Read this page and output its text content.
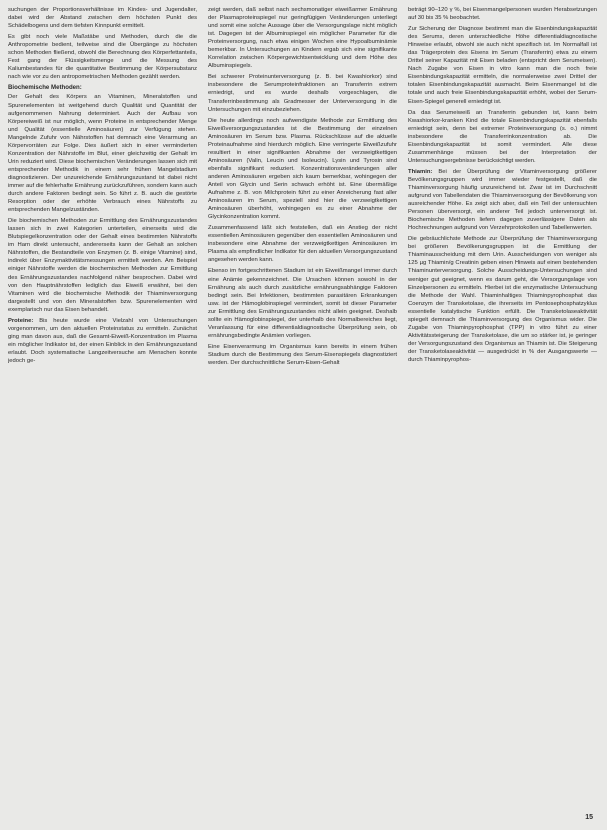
suchungen der Proportionsverhältnisse im Kindes- und Jugendalter, dabei wird der Abstand zwischen dem höchsten Punkt des Schädelbogens und dem tiefsten Kinnpunkt ermittelt.

Es gibt noch viele Maßstäbe und Methoden, durch die die Anthropometrie bedient, teilweise sind die Übergänge zu höchsten schon Methoden fließend, obwohl die Berechnung des Körperfettanteils, Fest gang der Flüssigkeitsmenge und die Messung des Kaliumbestandes für die quantitative Bestimmung der Körpersubstanz nach wie vor zu den antropometrischen Methoden gezählt werden.

Biochemische Methoden:

Der Gehalt des Körpers an Vitaminen, Mineralstoffen und Spurenelementen ist weitgehend durch Qualität und Quantität der aufgenommenen Nahrung determiniert. Auch der Aufbau von Körpereiweiß ist nur möglich, wenn Proteine in entsprechender Menge und Qualität (essentielle Aminosäuren) zur Verfügung stehen. Mangelnde Zufuhr von Nährstoffen hat demnach eine Verarmung an Körpervorräten zur Folge. Dies äußert sich in einer verminderten Konzentration der Nährstoffe im Blut, einer gleichzeitig der Gehalt im Urin reduziert wird. Diese biochemischen Veränderungen lassen sich mit entsprechender Methodik in einem sehr frühen Mangelstadium diagnostizieren. Der unzureichende Ernährungszustand ist dabei nicht immer auf die fehlerhafte Ernährung zurückzuführen, sondern kann auch durch andere Faktoren bedingt sein. So führt z. B. auch die gestörte Resorption oder der erhöhte Verbrauch eines Nährstoffs zu entsprechenden Mangelzuständen.

Die biochemischen Methoden zur Ermittlung des Ernährungszustandes lassen sich in zwei Kategorien unterteilen, einerseits wird die Blutspiegelkonzentration oder der Gehalt eines bestimmten Nährstoffs im Harn direkt untersucht, andererseits kann der Gehalt an solchen Nährstoffen, die Bestandteile von Enzymen (z. B. einige Vitamine) sind, indirekt über Enzymaktivitätsmessungen ermittelt werden. Am Beispiel einiger Nährstoffe werden die biochemischen Methoden zur Ermittlung des Ernährungszustandes nachfolgend näher besprochen. Dabei wird von den Hauptnährstoffen lediglich das Eiweiß erwähnt, bei den Vitaminen wird die biochemische Methodik der Thiaminversorgung dargestellt und von den Mineralstoffen bzw. Spurenelementen wird exemplarisch nur das Eisen behandelt.

Proteine: Bis heute wurde eine Vielzahl von Untersuchungen vorgenommen, um den aktuellen Proteinstatus zu ermitteln. Zunächst ging man davon aus, daß die Gesamt-Eiweiß-Konzentration im Plasma ein möglicher Indikator ist, der einen Einblick in den Ernährungszustand erlaubt. Doch systematische Langzeitversuche am Menschen konnte jedoch ge-

zeigt werden, daß selbst nach sechsmonatiger eiweißarmer Ernährung der Plasmaproteinspiegel nur geringfügigen Veränderungen unterliegt und somit eine solche Aussage über die Versorgungslage nicht möglich ist. Dagegen ist der Albuminspiegel ein möglicher Parameter für die Proteinversorgung, nach etwa einigen Wochen eine Hypoalbuminämie bemerkbar. In Untersuchungen an Kindern ergab sich eine signifikante Korrelation zwischen Körpergewichtsentwicklung und dem Höhe des Albuminspiegels.

Bei schwerer Proteinunterversorgung (z. B. bei Kwashiorkor) sind insbesondere die Serumproteinfraktionen an Transferrin extrem erniedrigt, und es wurde deshalb vorgeschlagen, die Transferrinbestimmung als Gradmesser der Unterversorgung in die Untersuchungen mit einzubeziehen.

Die heute allerdings noch aufwendigste Methode zur Ermittlung des Eiweißversorgungszustandes ist die Bestimmung der einzelnen Aminosäuren im Serum bzw. Plasma. Rückschlüsse auf die aktuelle Proteinaufnahme sind hierdurch möglich. Eine verringerte Eiweißzufuhr resultiert in einer signifikanten Abnahme der verzweigtkettigen Aminosäuren (Valin, Leucin und Isoleucin). Lysin und Tyrosin sind ebenfalls signifikant reduziert. Konzentrationsveränderungen aller anderen Aminosäuren ergeben sich kaum bemerkbar, wohingegen der Anteil von Glycin und Serin schwach erhöht ist. Eine übermäßige Aufnahme z. B. von Milchprotein führt zu einer Anreicherung fast aller Aminosäuren im Serum, speziell sind hier die verzweigtkettigen Aminosäuren überhöht, wohingegen es zu einer Abnahme der Glycinkonzentration kommt.

Zusammenfassend läßt sich feststellen, daß ein Anstieg der nicht essentiellen Aminosäuren gegenüber den essentiellen Aminosäuren und insbesondere eine Abnahme der verzweigtkettigen Aminosäuren im Plasma als empfindlicher Indikator für den aktuellen Versorgungszustand angesehen werden kann.

Ebenso im fortgeschrittenen Stadium ist ein Eiweißmangel immer durch eine Anämie gekennzeichnet. Die Ursachen können sowohl in der Ernährung als auch durch zusätzliche ernährungsabhängige Faktoren bedingt sein. Bei Infektionen, bestimmten parasitären Erkrankungen usw. ist der Hämoglobinspiegel vermindert, somit ist dieser Parameter zur Ermittlung des Ernährungszustandes nicht allein geeignet. Deshalb sollte ein Hämoglobinspiegel, der unterhalb des Normalbereiches liegt, Veranlassung für eine differentialdiagnostische Überprüfung sein, ob ernährungsbedingte Anämien vorliegen.

Eine Eisenverarmung im Organismus kann bereits in einem frühen Stadium durch die Bestimmung des Serum-Eisenspiegels diagnostiziert werden. Der durchschnittliche Serum-Eisen-Gehalt

beträgt 90–120 γ %, bei Eisenmangelpersonen wurden Herabsetzungen auf 30 bis 35 % beobachtet.

Zur Sicherung der Diagnose bestimmt man die Eisenbindungskapazität des Serums, deren unterschiedliche Höhe differentialdiagnostische Hinweise erlaubt, obwohl sie auch nicht spezifisch ist. Im Normalfall ist das Trägerprotein des Eisens im Serum (Transferrin) etwa zu einem Drittel seiner Kapazität mit Eisen beladen (entspricht dem Serumeisen). Nach Zugabe von Eisen in vitro kann man die noch freie Eisenbindungskapazität ermitteln, die normalerweise zwei Drittel der totalen Eisenbindungskapazität ausmacht. Beim Eisenmangel ist die totale und auch freie Eisenbindungskapazität erhöht, wobei der Serum-Eisen-Spiegel generell erniedrigt ist.

Da das Serumeiweiß an Transferrin gebunden ist, kann beim Kwashiorkor-kranken Kind die totale Eisenbindungskapazität ebenfalls erniedrigt sein, denn bei extremer Proteinversorgung (s. o.) nimmt insbesondere die Transferrinkonzentration ab. Die Eisenbindungskapazität ist somit vermindert. Alle diese Zusammenhänge müssen bei der Interpretation der Untersuchungsergebnisse berücksichtigt werden.

Thiamin: Bei der Überprüfung der Vitaminversorgung größerer Bevölkerungsgruppen wird immer wieder festgestellt, daß die Thiaminversorgung häufig unzureichend ist. Zwar ist im Durchschnitt aufgrund von Tabellendaten die Thiaminversorgung der Bevölkerung von ausreichender Höhe. Es zeigt sich aber, daß ein Teil der untersuchten Personen überversorgt, ein anderer Teil jedoch unterversorgt ist. Biochemische Methoden liefern dagegen zuverlässigere Daten als Hochrechnungen aufgrund von Verzehrprotokollen und Tabellenwerten.

Die gebräuchlichste Methode zur Überprüfung der Thiaminversorgung bei größeren Bevölkerungsgruppen ist die Ermittlung der Thiaminausscheidung mit dem Urin. Ausscheidungen von weniger als 125 µg Thiamin/g Creatinin geben einen Hinweis auf einen bestehenden Thiaminunterversorgung. Solche Ausscheidungs-Untersuchungen sind weniger gut geeignet, wenn es darum geht, die Versorgungslage von Einzelpersonen zu ermitteln. Hierbei ist die enzymatische Untersuchung die Methode der Wahl. Thiaminhaltiges Thiaminpyrophosphat das Coenzym der Transketolase, die ihrerseits im Pentosephosphatzyklus essentielle katalytische Funktion erfüllt. Die Transketolaseaktivität spiegelt demnach die Thiaminversorgung des Organismus wider. Die Zugabe von Thiaminpyrophosphat (TPP) in vitro führt zu einer Aktivitätssteigerung der Transketolase, die um so stärker ist, je geringer der Versorgungszustand des Organismus an Thiamin ist. Die Steigerung der Transketolaseaktivität — ausgedrückt in % der Ausgangswerte — durch Thiaminpyrophos-

15
